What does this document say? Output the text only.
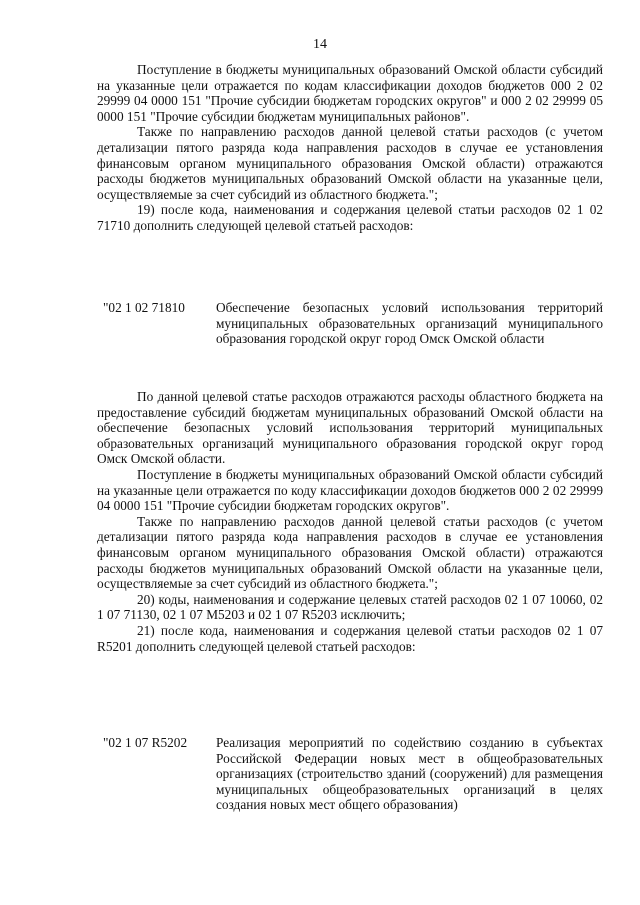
14

Поступление в бюджеты муниципальных образований Омской области субсидий на указанные цели отражается по кодам классификации доходов бюджетов 000 2 02 29999 04 0000 151 "Прочие субсидии бюджетам городских округов" и 000 2 02 29999 05 0000 151 "Прочие субсидии бюджетам муниципальных районов".

Также по направлению расходов данной целевой статьи расходов (с учетом детализации пятого разряда кода направления расходов в случае ее установления финансовым органом муниципального образования Омской области) отражаются расходы бюджетов муниципальных образований Омской области на указанные цели, осуществляемые за счет субсидий из областного бюджета.";

19) после кода, наименования и содержания целевой статьи расходов 02 1 02 71710 дополнить следующей целевой статьей расходов:

"02 1 02 71810 Обеспечение безопасных условий использования территорий муниципальных образовательных организаций муниципального образования городской округ город Омск Омской области

По данной целевой статье расходов отражаются расходы областного бюджета на предоставление субсидий бюджетам муниципальных образований Омской области на обеспечение безопасных условий использования территорий муниципальных образовательных организаций муниципального образования городской округ город Омск Омской области.

Поступление в бюджеты муниципальных образований Омской области субсидий на указанные цели отражается по коду классификации доходов бюджетов 000 2 02 29999 04 0000 151 "Прочие субсидии бюджетам городских округов".

Также по направлению расходов данной целевой статьи расходов (с учетом детализации пятого разряда кода направления расходов в случае ее установления финансовым органом муниципального образования Омской области) отражаются расходы бюджетов муниципальных образований Омской области на указанные цели, осуществляемые за счет субсидий из областного бюджета.";

20) коды, наименования и содержание целевых статей расходов 02 1 07 10060, 02 1 07 71130, 02 1 07 M5203 и 02 1 07 R5203 исключить;

21) после кода, наименования и содержания целевой статьи расходов 02 1 07 R5201 дополнить следующей целевой статьей расходов:

"02 1 07 R5202 Реализация мероприятий по содействию созданию в субъектах Российской Федерации новых мест в общеобразовательных организациях (строительство зданий (сооружений) для размещения муниципальных общеобразовательных организаций в целях создания новых мест общего образования)
